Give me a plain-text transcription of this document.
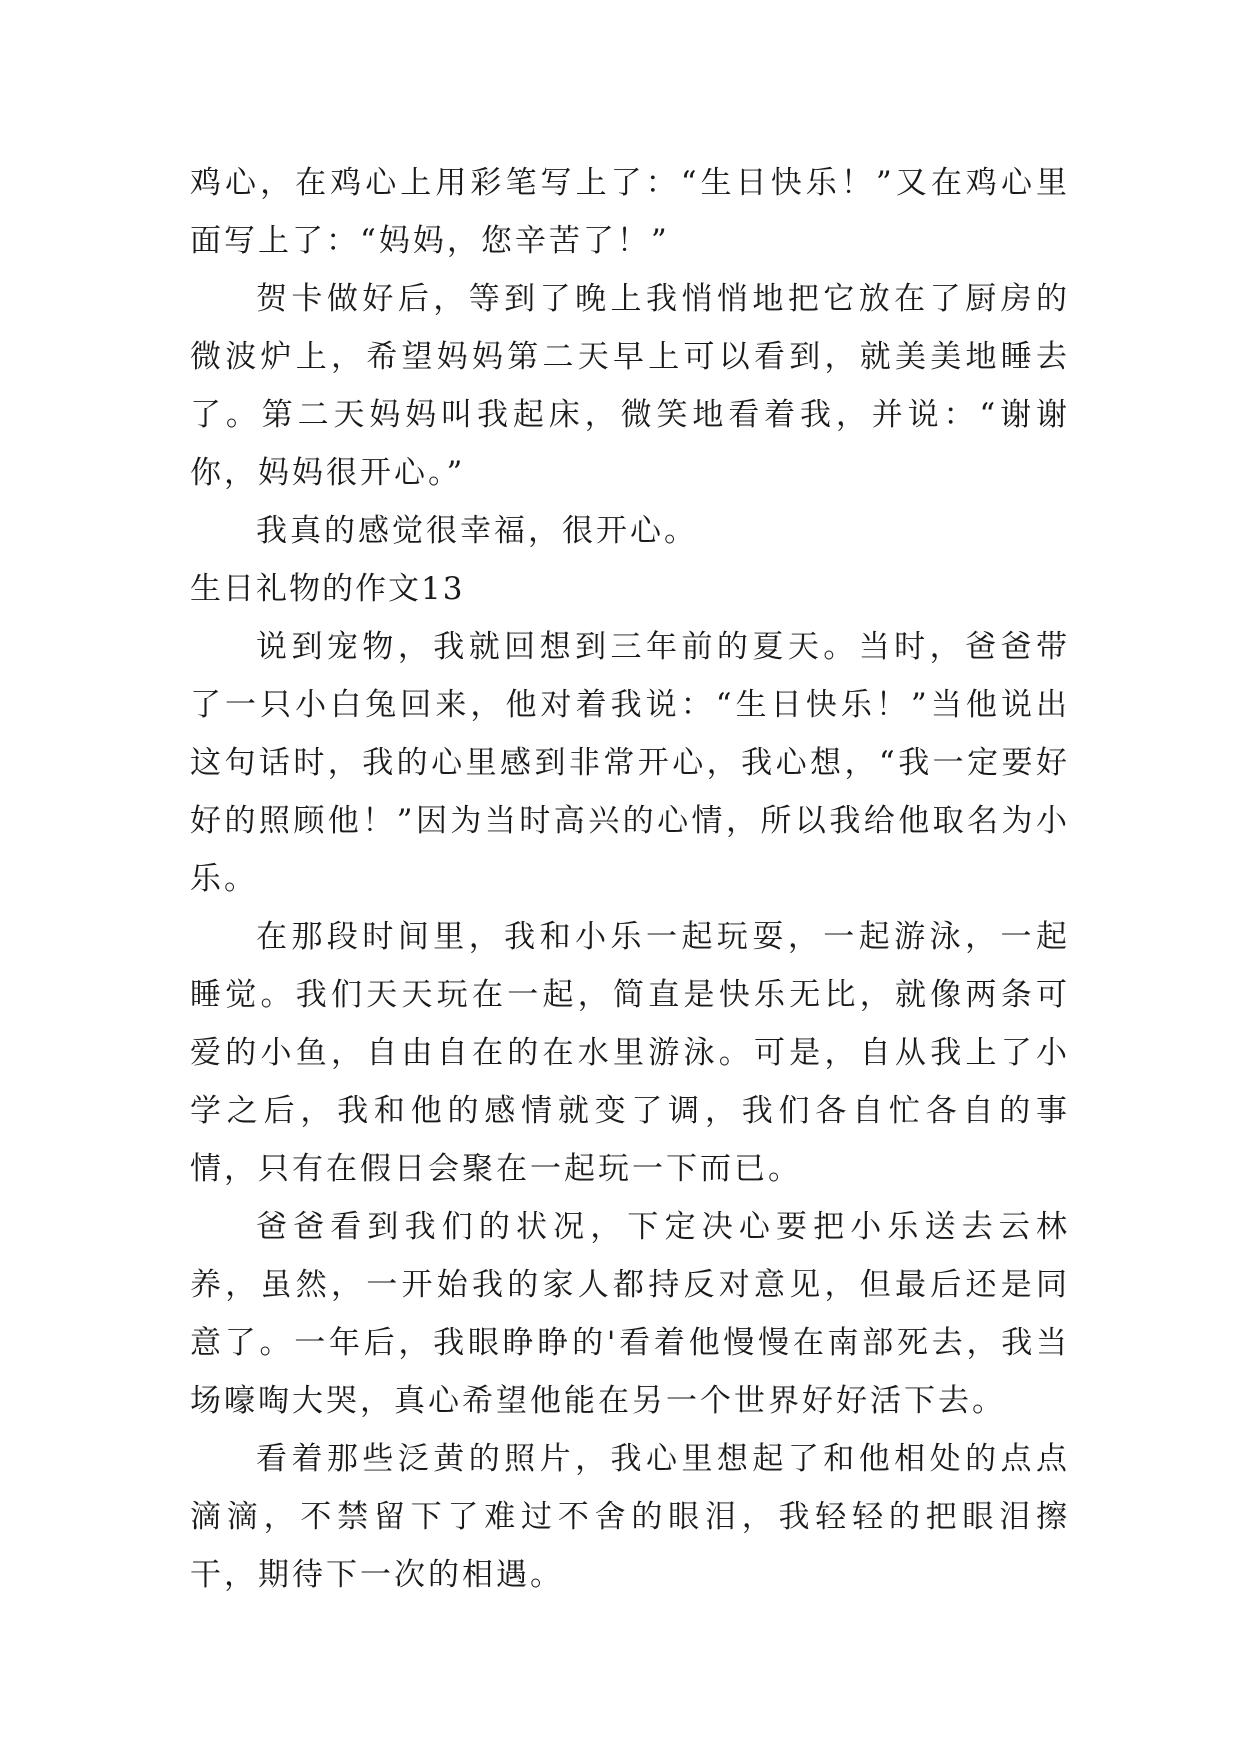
鸡心，在鸡心上用彩笔写上了：“生日快乐！”又在鸡心里面写上了：“妈妈，您辛苦了！”

贺卡做好后，等到了晚上我悄悄地把它放在了厨房的微波炉上，希望妈妈第二天早上可以看到，就美美地睡去了。第二天妈妈叫我起床，微笑地看着我，并说：“谢谢你，妈妈很开心。”

我真的感觉很幸福，很开心。

生日礼物的作文13

说到宠物，我就回想到三年前的夏天。当时，爸爸带了一只小白兔回来，他对着我说：“生日快乐！”当他说出这句话时，我的心里感到非常开心，我心想，“我一定要好好的照顾他！”因为当时高兴的心情，所以我给他取名为小乐。

在那段时间里，我和小乐一起玩耍，一起游泳，一起睡觉。我们天天玩在一起，简直是快乐无比，就像两条可爱的小鱼，自由自在的在水里游泳。可是，自从我上了小学之后，我和他的感情就变了调，我们各自忙各自的事情，只有在假日会聚在一起玩一下而已。

爸爸看到我们的状况，下定决心要把小乐送去云林养，虽然，一开始我的家人都持反对意见，但最后还是同意了。一年后，我眼睁睁的'看着他慢慢在南部死去，我当场嚎啕大哭，真心希望他能在另一个世界好好活下去。

看着那些泛黄的照片，我心里想起了和他相处的点点滴滴，不禁留下了难过不舍的眼泪，我轻轻的把眼泪擦干，期待下一次的相遇。
